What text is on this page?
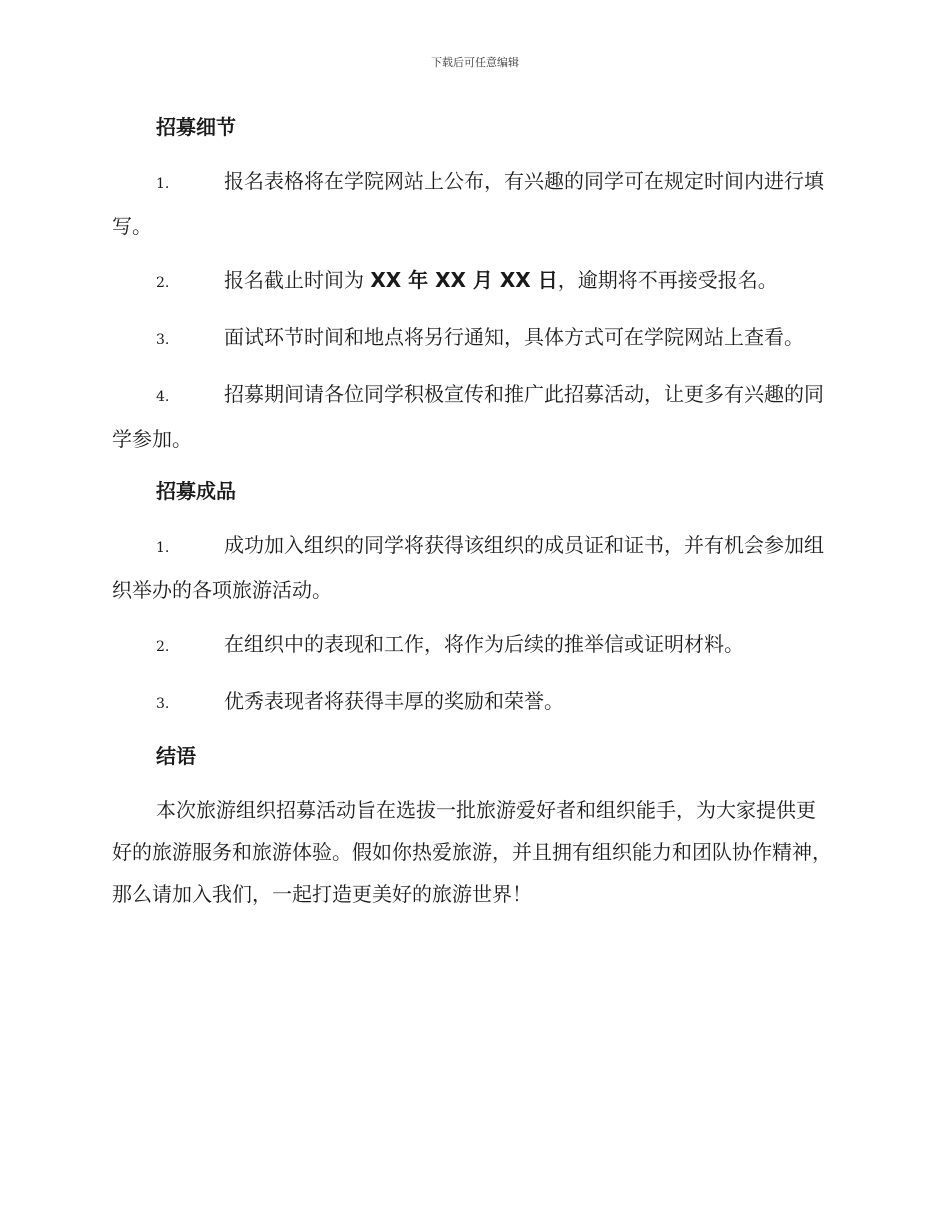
下载后可任意编辑
招募细节

1.	报名表格将在学院网站上公布，有兴趣的同学可在规定时间内进行填写。

2.	报名截止时间为 XX 年 XX 月 XX 日，逾期将不再接受报名。

3.	面试环节时间和地点将另行通知，具体方式可在学院网站上查看。

4.	招募期间请各位同学积极宣传和推广此招募活动，让更多有兴趣的同学参加。

招募成品

1.	成功加入组织的同学将获得该组织的成员证和证书，并有机会参加组织举办的各项旅游活动。

2.	在组织中的表现和工作，将作为后续的推举信或证明材料。

3.	优秀表现者将获得丰厚的奖励和荣誉。

结语

本次旅游组织招募活动旨在选拔一批旅游爱好者和组织能手，为大家提供更好的旅游服务和旅游体验。假如你热爱旅游，并且拥有组织能力和团队协作精神，那么请加入我们，一起打造更美好的旅游世界！
